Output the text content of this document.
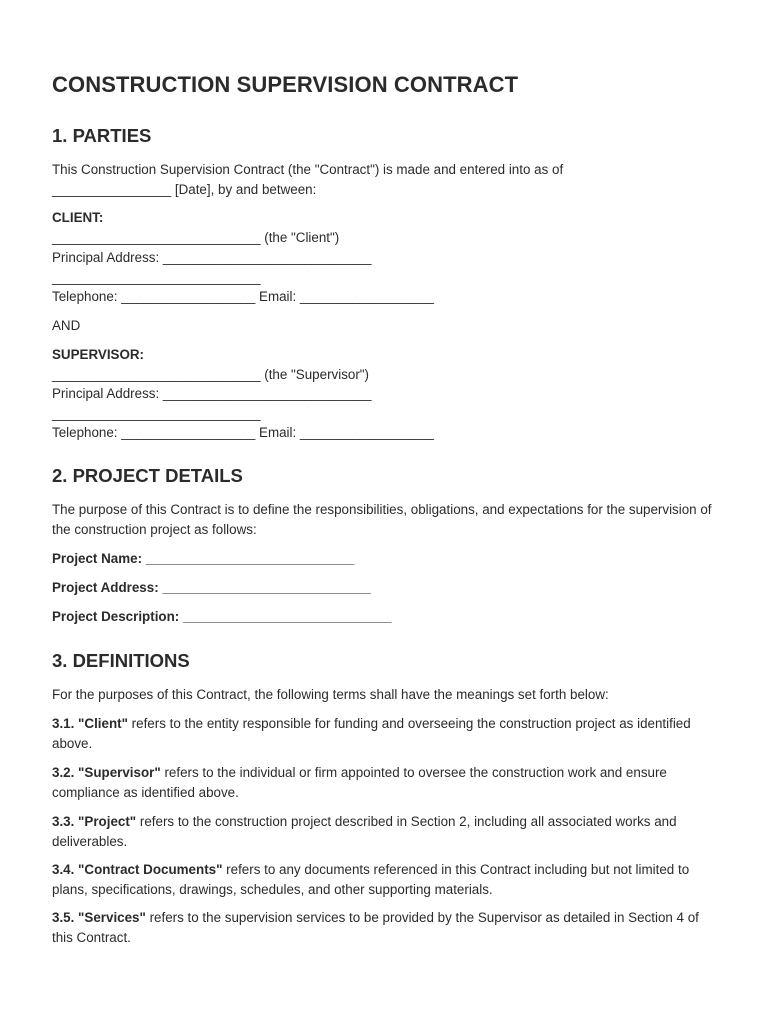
CONSTRUCTION SUPERVISION CONTRACT
1. PARTIES
This Construction Supervision Contract (the "Contract") is made and entered into as of
________________ [Date], by and between:
CLIENT:
____________________________ (the "Client")
Principal Address: ____________________________
____________________________
Telephone: __________________ Email: __________________
AND
SUPERVISOR:
____________________________ (the "Supervisor")
Principal Address: ____________________________
____________________________
Telephone: __________________ Email: __________________
2. PROJECT DETAILS
The purpose of this Contract is to define the responsibilities, obligations, and expectations for the supervision of the construction project as follows:
Project Name: ____________________________
Project Address: ____________________________
Project Description: ____________________________
3. DEFINITIONS
For the purposes of this Contract, the following terms shall have the meanings set forth below:
3.1. "Client" refers to the entity responsible for funding and overseeing the construction project as identified above.
3.2. "Supervisor" refers to the individual or firm appointed to oversee the construction work and ensure compliance as identified above.
3.3. "Project" refers to the construction project described in Section 2, including all associated works and deliverables.
3.4. "Contract Documents" refers to any documents referenced in this Contract including but not limited to plans, specifications, drawings, schedules, and other supporting materials.
3.5. "Services" refers to the supervision services to be provided by the Supervisor as detailed in Section 4 of this Contract.
